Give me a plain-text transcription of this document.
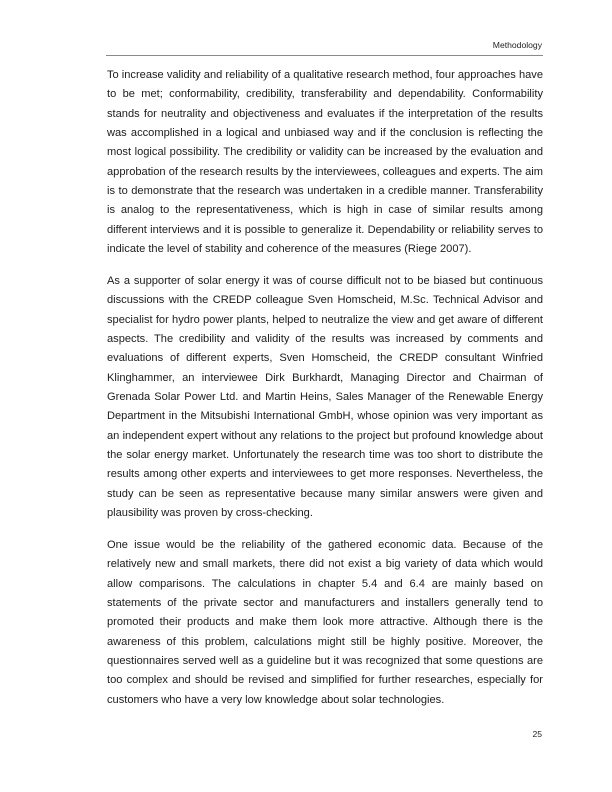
Methodology

To increase validity and reliability of a qualitative research method, four approaches have to be met; conformability, credibility, transferability and dependability. Conformability stands for neutrality and objectiveness and evaluates if the interpretation of the results was accomplished in a logical and unbiased way and if the conclusion is reflecting the most logical possibility. The credibility or validity can be increased by the evaluation and approbation of the research results by the interviewees, colleagues and experts. The aim is to demonstrate that the research was undertaken in a credible manner. Transferability is analog to the representativeness, which is high in case of similar results among different interviews and it is possible to generalize it. Dependability or reliability serves to indicate the level of stability and coherence of the measures (Riege 2007).

As a supporter of solar energy it was of course difficult not to be biased but continuous discussions with the CREDP colleague Sven Homscheid, M.Sc. Technical Advisor and specialist for hydro power plants, helped to neutralize the view and get aware of different aspects. The credibility and validity of the results was increased by comments and evaluations of different experts, Sven Homscheid, the CREDP consultant Winfried Klinghammer, an interviewee Dirk Burkhardt, Managing Director and Chairman of Grenada Solar Power Ltd. and Martin Heins, Sales Manager of the Renewable Energy Department in the Mitsubishi International GmbH, whose opinion was very important as an independent expert without any relations to the project but profound knowledge about the solar energy market. Unfortunately the research time was too short to distribute the results among other experts and interviewees to get more responses. Nevertheless, the study can be seen as representative because many similar answers were given and plausibility was proven by cross-checking.

One issue would be the reliability of the gathered economic data. Because of the relatively new and small markets, there did not exist a big variety of data which would allow comparisons. The calculations in chapter 5.4 and 6.4 are mainly based on statements of the private sector and manufacturers and installers generally tend to promoted their products and make them look more attractive. Although there is the awareness of this problem, calculations might still be highly positive. Moreover, the questionnaires served well as a guideline but it was recognized that some questions are too complex and should be revised and simplified for further researches, especially for customers who have a very low knowledge about solar technologies.

25
